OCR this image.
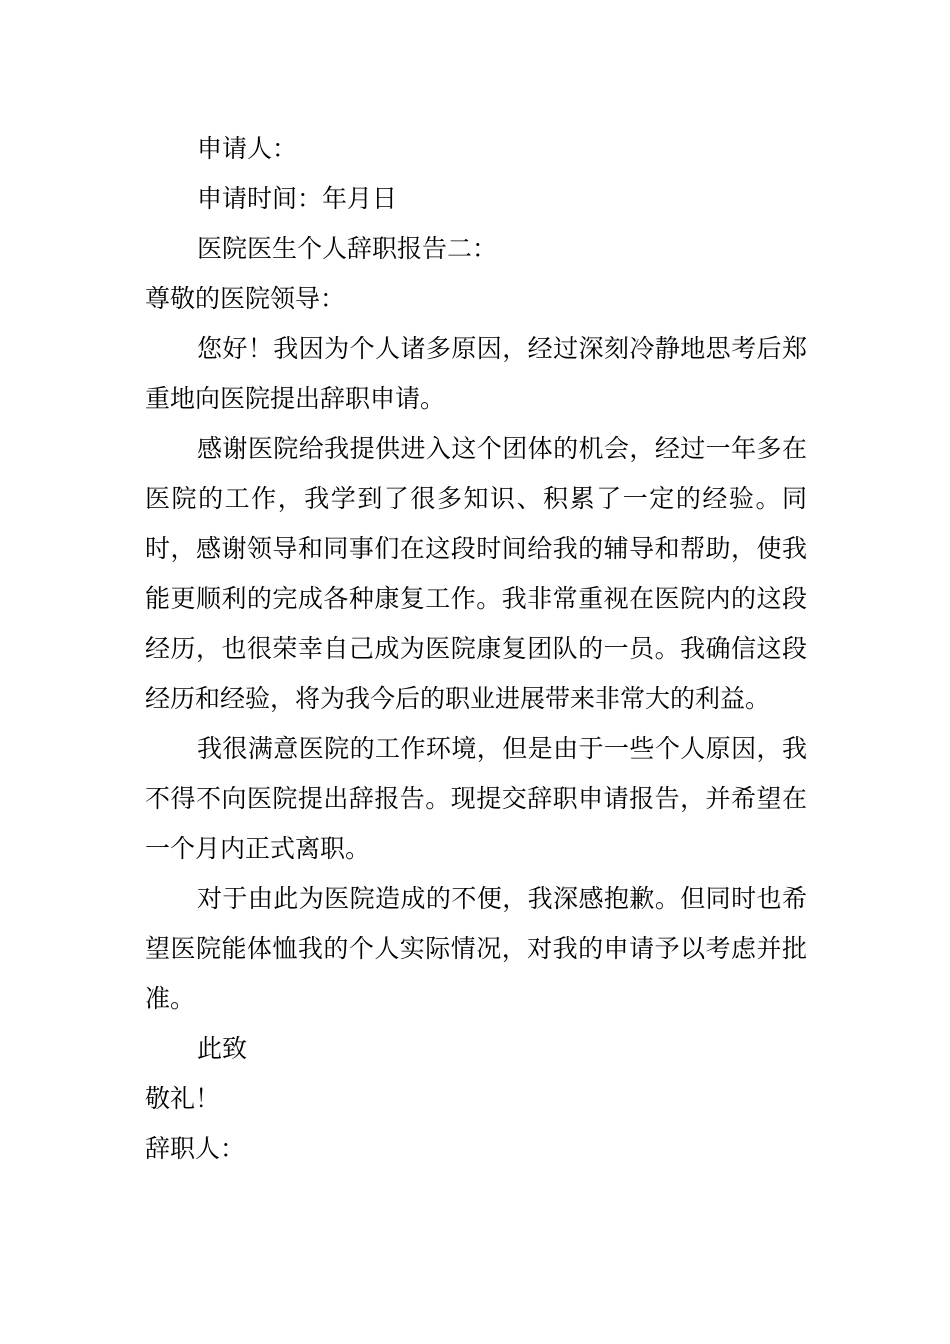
申请人：
申请时间：年月日
医院医生个人辞职报告二：
尊敬的医院领导：
您好！我因为个人诸多原因，经过深刻冷静地思考后郑重地向医院提出辞职申请。
感谢医院给我提供进入这个团体的机会，经过一年多在医院的工作，我学到了很多知识、积累了一定的经验。同时，感谢领导和同事们在这段时间给我的辅导和帮助，使我能更顺利的完成各种康复工作。我非常重视在医院内的这段经历，也很荣幸自己成为医院康复团队的一员。我确信这段经历和经验，将为我今后的职业进展带来非常大的利益。
我很满意医院的工作环境，但是由于一些个人原因，我不得不向医院提出辞报告。现提交辞职申请报告，并希望在一个月内正式离职。
对于由此为医院造成的不便，我深感抱歉。但同时也希望医院能体恤我的个人实际情况，对我的申请予以考虑并批准。
此致
敬礼！
辞职人：
